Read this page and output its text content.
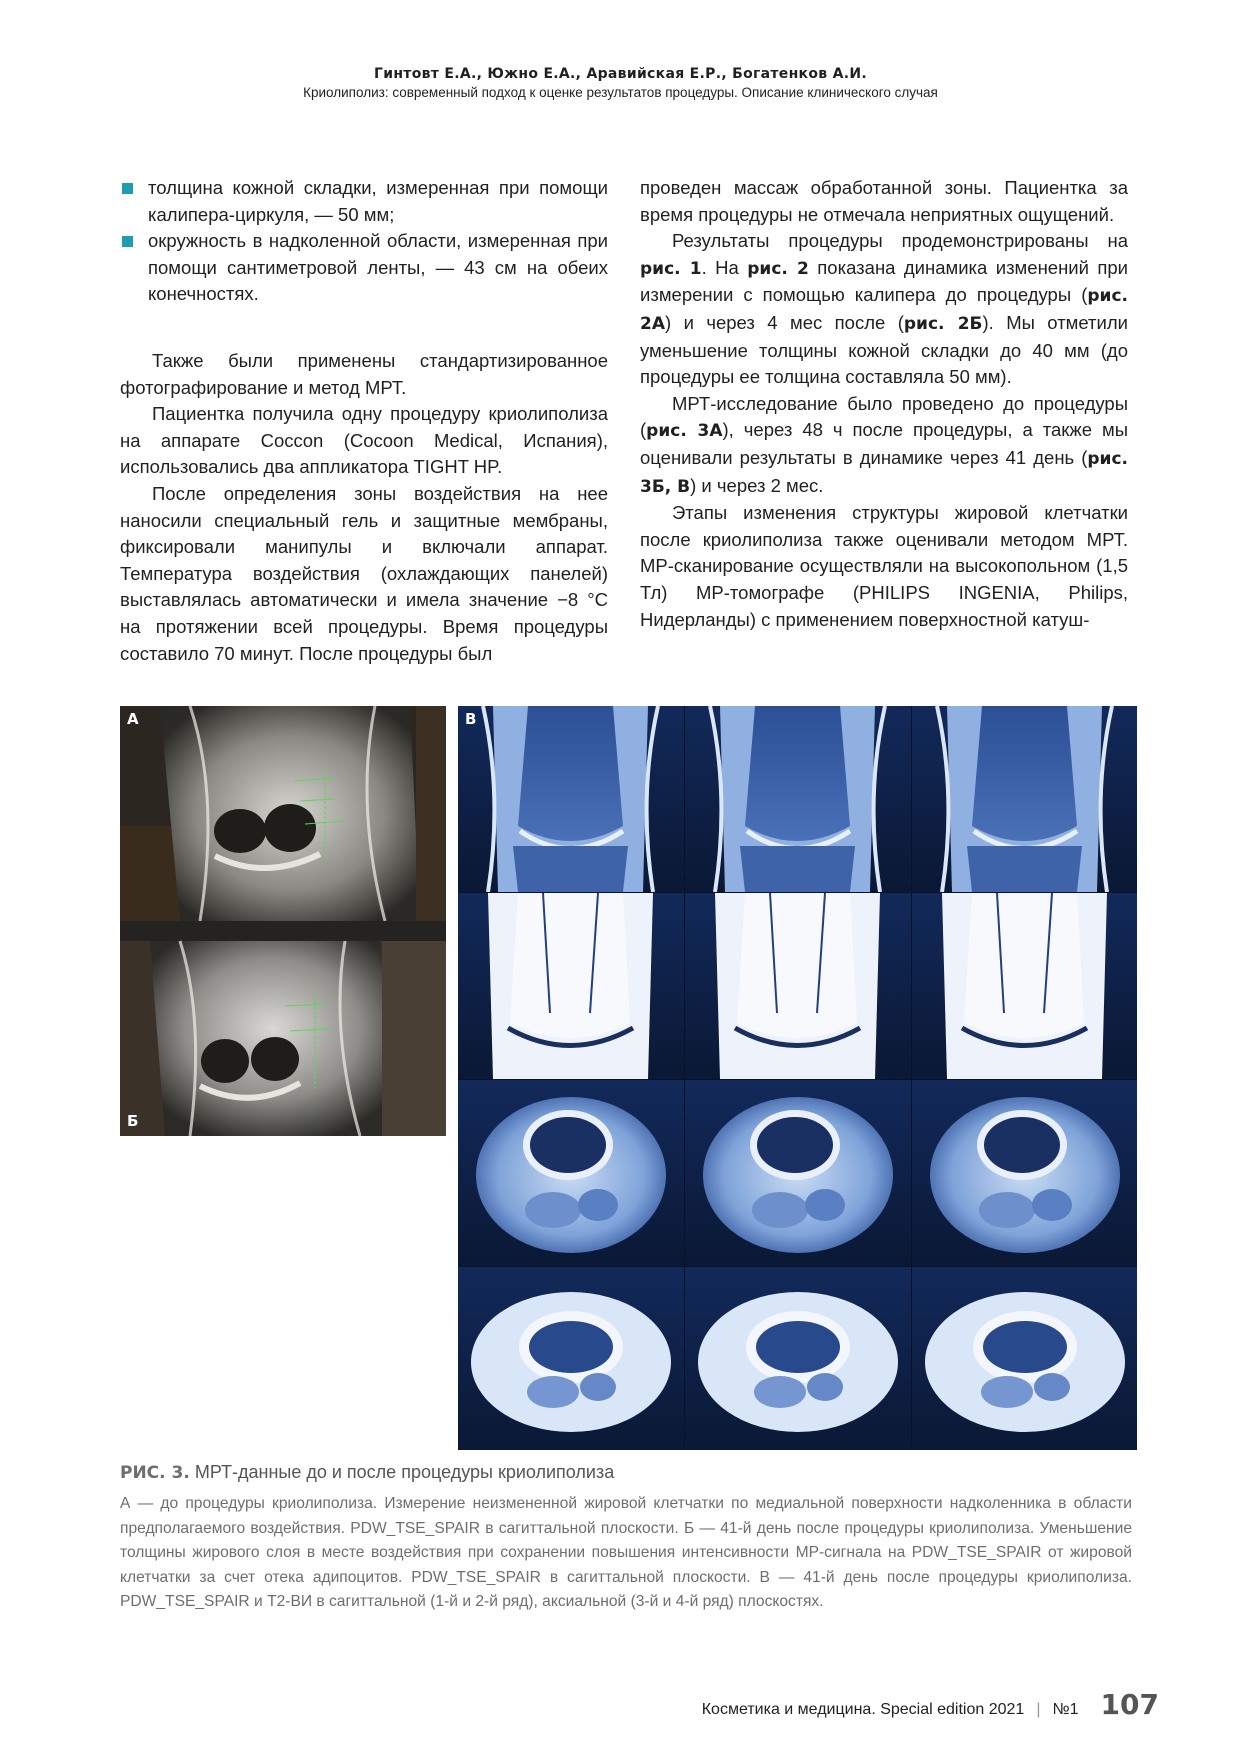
Гинтовт Е.А., Южно Е.А., Аравийская Е.Р., Богатенков А.И.
Криолиполиз: современный подход к оценке результатов процедуры. Описание клинического случая
толщина кожной складки, измеренная при помощи калипера-циркуля, — 50 мм;
окружность в надколенной области, измеренная при помощи сантиметровой ленты, — 43 см на обеих конечностях.

Также были применены стандартизированное фотографирование и метод МРТ.

Пациентка получила одну процедуру криолиполиза на аппарате Coccon (Cocoon Medical, Испания), использовались два аппликатора TIGHT HP.

После определения зоны воздействия на нее наносили специальный гель и защитные мембраны, фиксировали манипулы и включали аппарат. Температура воздействия (охлаждающих панелей) выставлялась автоматически и имела значение −8 °С на протяжении всей процедуры. Время процедуры составило 70 минут. После процедуры был

проведен массаж обработанной зоны. Пациентка за время процедуры не отмечала неприятных ощущений.

Результаты процедуры продемонстрированы на рис. 1. На рис. 2 показана динамика изменений при измерении с помощью калипера до процедуры (рис. 2А) и через 4 мес после (рис. 2Б). Мы отметили уменьшение толщины кожной складки до 40 мм (до процедуры ее толщина составляла 50 мм).

МРТ-исследование было проведено до процедуры (рис. 3А), через 48 ч после процедуры, а также мы оценивали результаты в динамике через 41 день (рис. 3Б, В) и через 2 мес.

Этапы изменения структуры жировой клетчатки после криолиполиза также оценивали методом МРТ. МР-сканирование осуществляли на высокопольном (1,5 Тл) МР-томографе (PHILIPS INGENIA, Philips, Нидерланды) с применением поверхностной катуш-

А
Б
В
РИС. 3. МРТ-данные до и после процедуры криолиполиза
А — до процедуры криолиполиза. Измерение неизмененной жировой клетчатки по медиальной поверхности надколенника в области предполагаемого воздействия. PDW_TSE_SPAIR в сагиттальной плоскости. Б — 41-й день после процедуры криолиполиза. Уменьшение толщины жирового слоя в месте воздействия при сохранении повышения интенсивности МР-сигнала на PDW_TSE_SPAIR от жировой клетчатки за счет отека адипоцитов. PDW_TSE_SPAIR в сагиттальной плоскости. В — 41-й день после процедуры криолиполиза. PDW_TSE_SPAIR и T2-ВИ в сагиттальной (1-й и 2-й ряд), аксиальной (3-й и 4-й ряд) плоскостях.
Косметика и медицина. Special edition 2021 | №1 107
